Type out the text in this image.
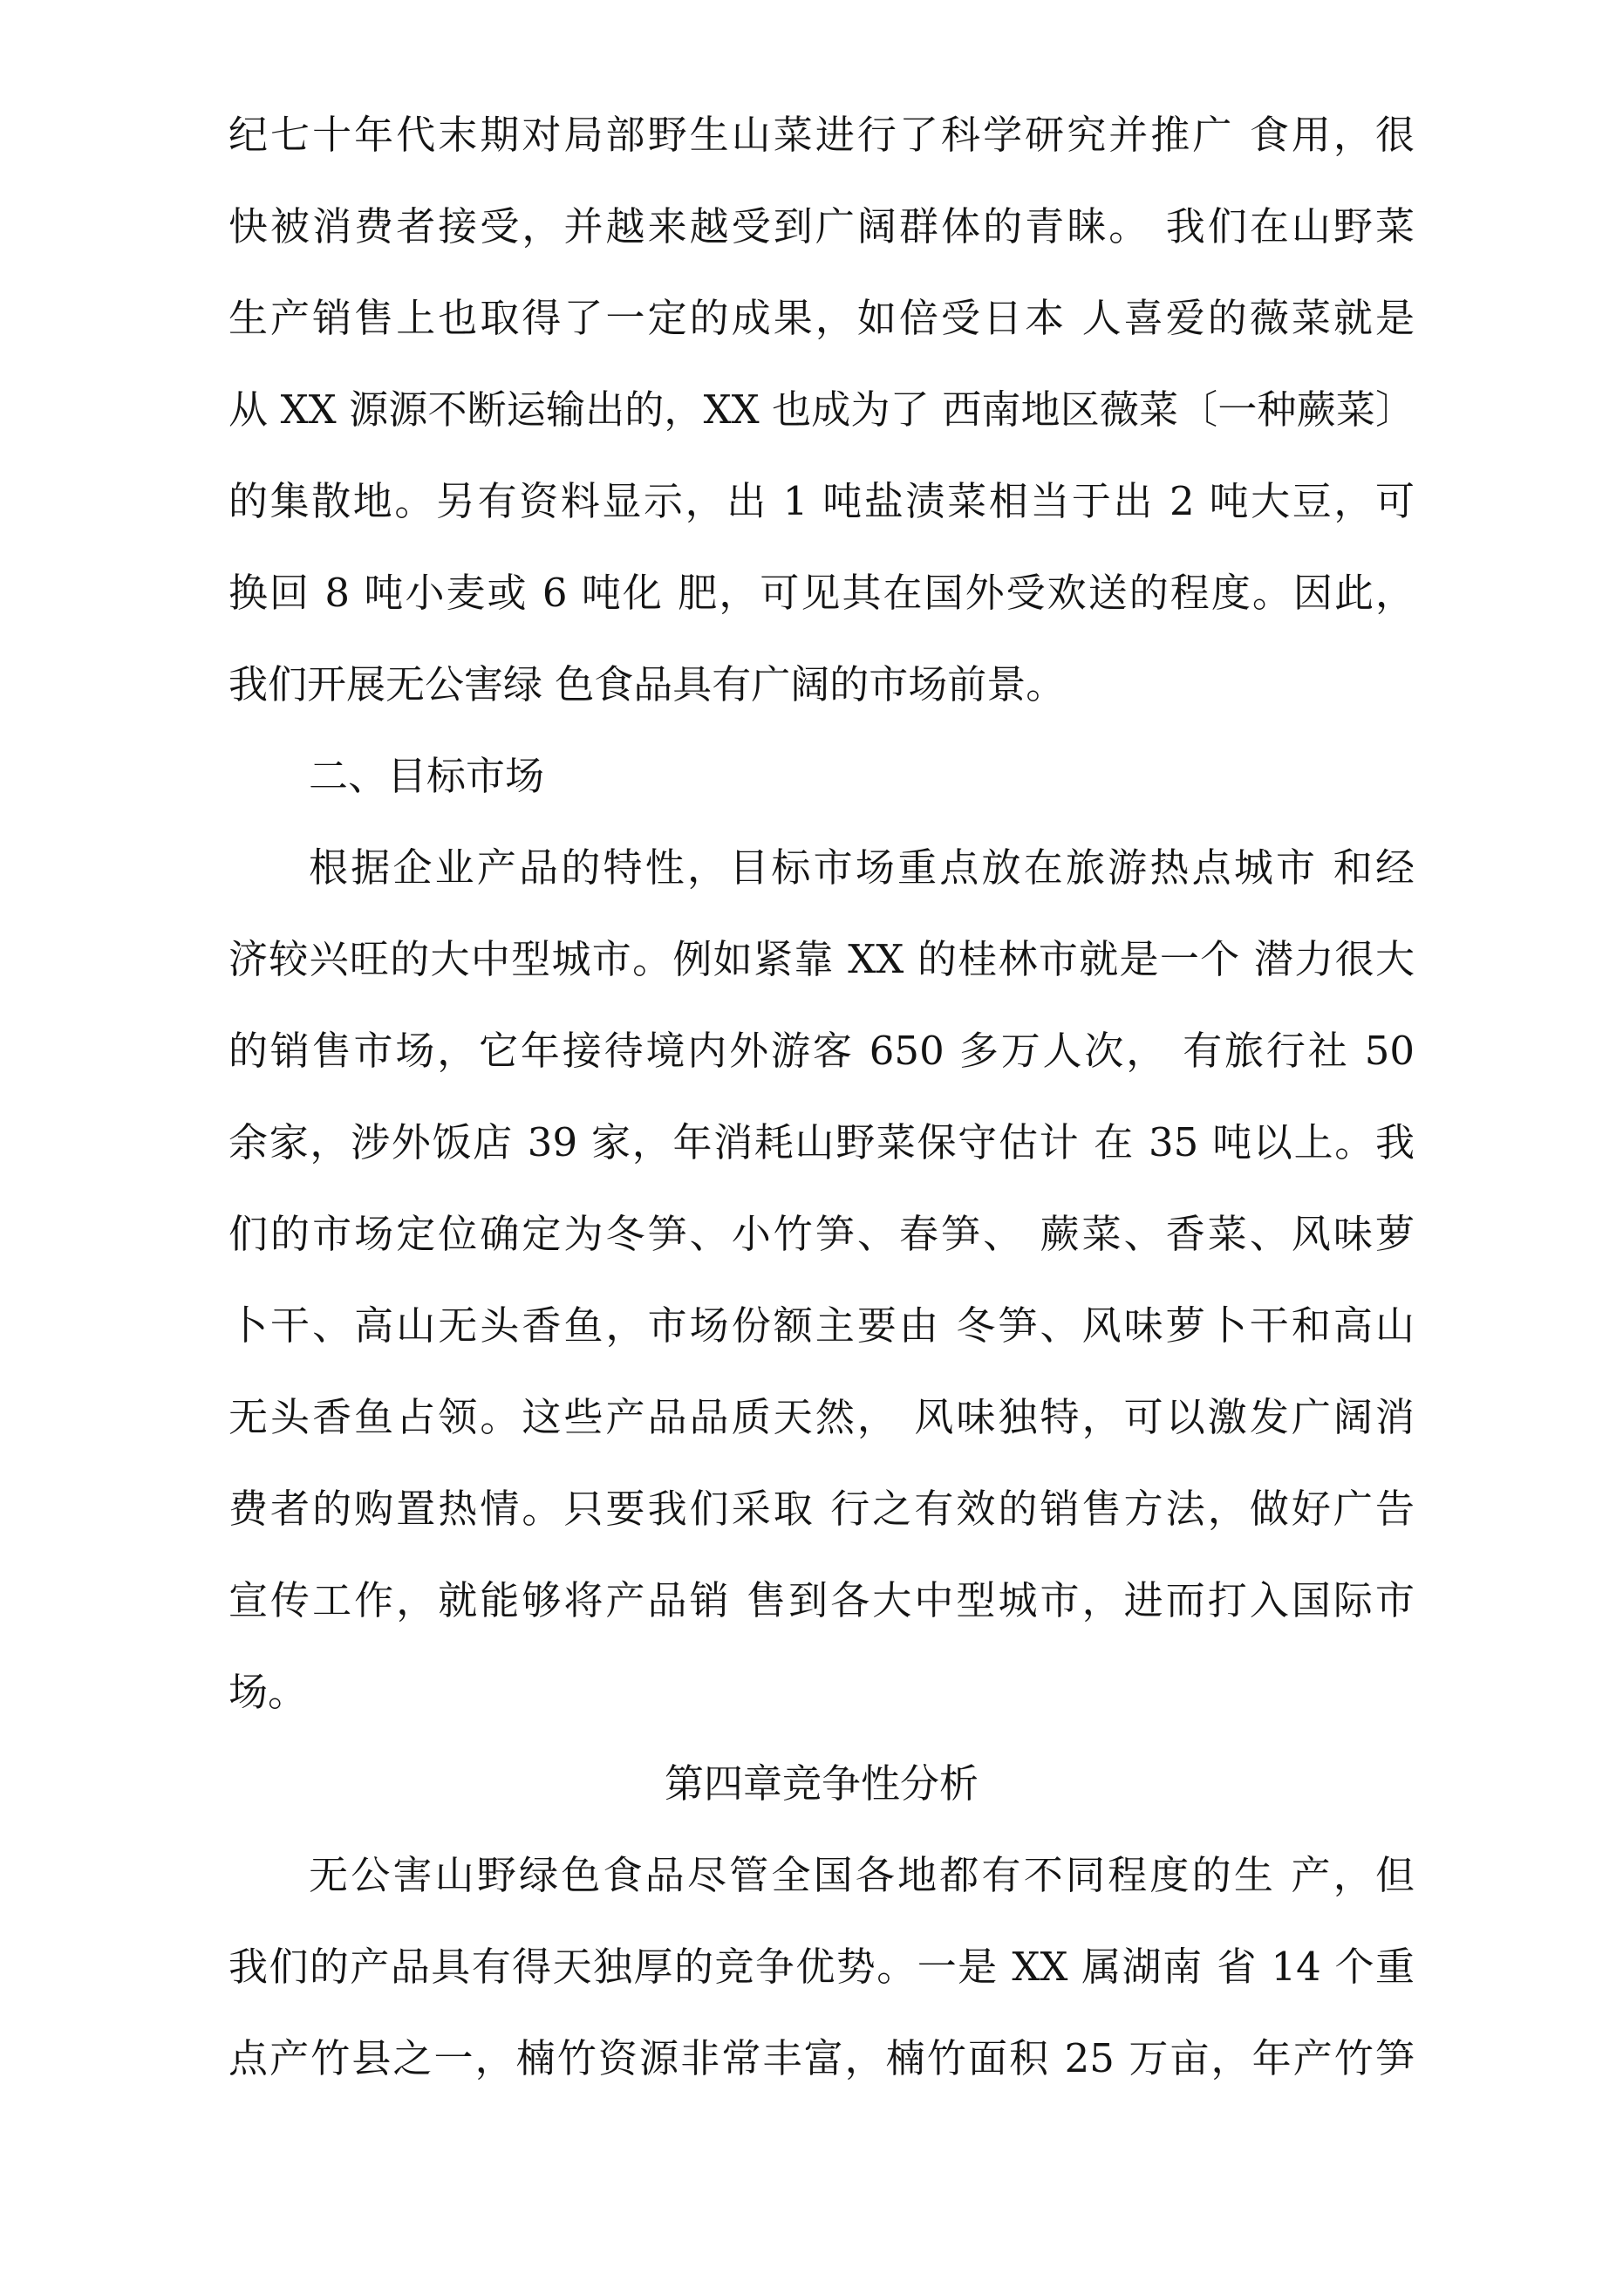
纪七十年代末期对局部野生山菜进行了科学研究并推广 食用，很
快被消费者接受，并越来越受到广阔群体的青睐。 我们在山野菜
生产销售上也取得了一定的成果，如倍受日本 人喜爱的薇菜就是
从 XX 源源不断运输出的，XX 也成为了 西南地区薇菜〔一种蕨菜〕
的集散地。另有资料显示，出 1 吨盐渍菜相当于出 2 吨大豆，可
换回 8 吨小麦或 6 吨化 肥，可见其在国外受欢送的程度。因此，
我们开展无公害绿 色食品具有广阔的市场前景。
二、目标市场
根据企业产品的特性，目标市场重点放在旅游热点城市 和经
济较兴旺的大中型城市。例如紧靠 XX 的桂林市就是一个 潜力很大
的销售市场，它年接待境内外游客 650 多万人次， 有旅行社 50
余家，涉外饭店 39 家，年消耗山野菜保守估计 在 35 吨以上。我
们的市场定位确定为冬笋、小竹笋、春笋、 蕨菜、香菜、风味萝
卜干、高山无头香鱼，市场份额主要由 冬笋、风味萝卜干和高山
无头香鱼占领。这些产品品质天然， 风味独特，可以激发广阔消
费者的购置热情。只要我们采取 行之有效的销售方法，做好广告
宣传工作，就能够将产品销 售到各大中型城市，进而打入国际市
场。
第四章竞争性分析
无公害山野绿色食品尽管全国各地都有不同程度的生 产，但
我们的产品具有得天独厚的竞争优势。一是 XX 属湖南 省 14 个重
点产竹县之一，楠竹资源非常丰富，楠竹面积 25 万亩，年产竹笋
